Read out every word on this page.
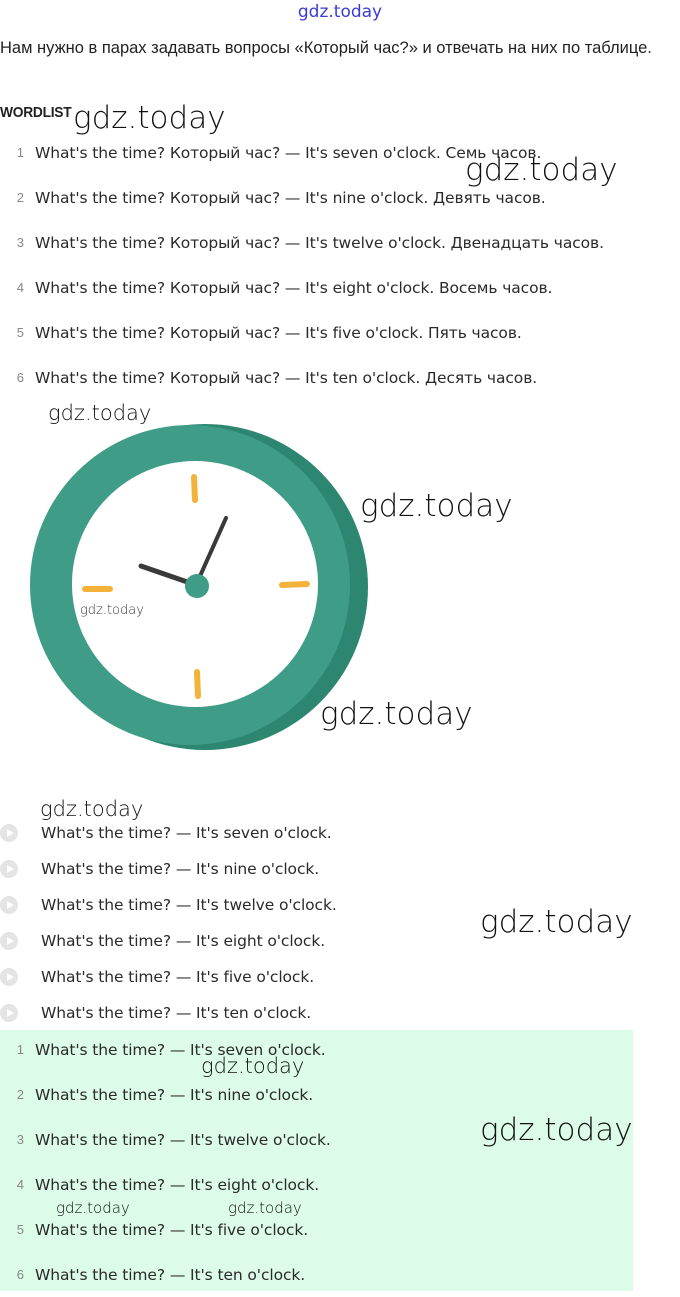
gdz.today
Нам нужно в парах задавать вопросы «Который час?» и отвечать на них по таблице.
WORDLIST
1 What's the time? Который час? — It's seven o'clock. Семь часов.
2 What's the time? Который час? — It's nine o'clock. Девять часов.
3 What's the time? Который час? — It's twelve o'clock. Двенадцать часов.
4 What's the time? Который час? — It's eight o'clock. Восемь часов.
5 What's the time? Который час? — It's five o'clock. Пять часов.
6 What's the time? Который час? — It's ten o'clock. Десять часов.
What's the time? — It's seven o'clock.
What's the time? — It's nine o'clock.
What's the time? — It's twelve o'clock.
What's the time? — It's eight o'clock.
What's the time? — It's five o'clock.
What's the time? — It's ten o'clock.
1 What's the time? — It's seven o'clock.
2 What's the time? — It's nine o'clock.
3 What's the time? — It's twelve o'clock.
4 What's the time? — It's eight o'clock.
5 What's the time? — It's five o'clock.
6 What's the time? — It's ten o'clock.
gdz.today
gdz.today
gdz.today
gdz.today
gdz.today
gdz.today
gdz.today
gdz.today
gdz.today
gdz.today
gdz.today	gdz.today
